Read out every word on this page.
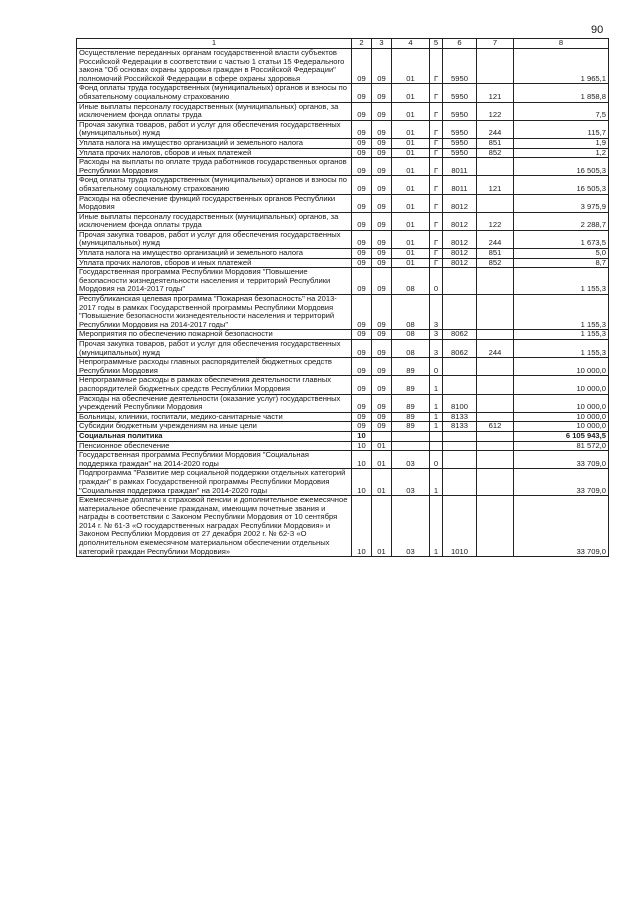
90
1	2	3	4	5	6	7	8
Осуществление переданных органам государственной власти субъектов Российской Федерации в соответствии с частью 1 статьи 15 Федерального закона "Об основах охраны здоровья граждан в Российской Федерации" полномочий Российской Федерации в сфере охраны здоровья	09	09	01	Г	5950		1 965,1
Фонд оплаты труда государственных (муниципальных) органов и взносы по обязательному социальному страхованию	09	09	01	Г	5950	121	1 858,8
Иные выплаты персоналу государственных (муниципальных) органов, за исключением фонда оплаты труда	09	09	01	Г	5950	122	7,5
Прочая закупка товаров, работ и услуг для обеспечения государственных (муниципальных) нужд	09	09	01	Г	5950	244	115,7
Уплата налога на имущество организаций и земельного налога	09	09	01	Г	5950	851	1,9
Уплата прочих налогов, сборов и иных платежей	09	09	01	Г	5950	852	1,2
Расходы на выплаты по оплате труда работников государственных органов Республики Мордовия	09	09	01	Г	8011		16 505,3
Фонд оплаты труда государственных (муниципальных) органов и взносы по обязательному социальному страхованию	09	09	01	Г	8011	121	16 505,3
Расходы на обеспечение функций государственных органов Республики Мордовия	09	09	01	Г	8012		3 975,9
Иные выплаты персоналу государственных (муниципальных) органов, за исключением фонда оплаты труда	09	09	01	Г	8012	122	2 288,7
Прочая закупка товаров, работ и услуг для обеспечения государственных (муниципальных) нужд	09	09	01	Г	8012	244	1 673,5
Уплата налога на имущество организаций и земельного налога	09	09	01	Г	8012	851	5,0
Уплата прочих налогов, сборов и иных платежей	09	09	01	Г	8012	852	8,7
Государственная программа Республики Мордовия "Повышение безопасности жизнедеятельности населения и территорий Республики Мордовия на 2014-2017 годы"	09	09	08	0			1 155,3
Республиканская целевая программа "Пожарная безопасность" на 2013-2017 годы в рамках Государственной программы Республики Мордовия "Повышение безопасности жизнедеятельности населения и территорий Республики Мордовия на 2014-2017 годы"	09	09	08	3			1 155,3
Мероприятия по обеспечению пожарной безопасности	09	09	08	3	8062		1 155,3
Прочая закупка товаров, работ и услуг для обеспечения государственных (муниципальных) нужд	09	09	08	3	8062	244	1 155,3
Непрограммные расходы главных распорядителей бюджетных средств Республики Мордовия	09	09	89	0			10 000,0
Непрограммные расходы в рамках обеспечения деятельности главных распорядителей бюджетных средств Республики Мордовия	09	09	89	1			10 000,0
Расходы на обеспечение деятельности (оказание услуг) государственных учреждений Республики Мордовия	09	09	89	1	8100		10 000,0
Больницы, клиники, госпитали, медико-санитарные части	09	09	89	1	8133		10 000,0
Субсидии бюджетным учреждениям на иные цели	09	09	89	1	8133	612	10 000,0
Социальная политика	10						6 105 943,5
Пенсионное обеспечение	10	01					81 572,0
Государственная программа Республики Мордовия "Социальная поддержка граждан" на 2014-2020 годы	10	01	03	0			33 709,0
Подпрограмма "Развитие мер социальной поддержки отдельных категорий граждан" в рамках Государственной программы Республики Мордовия "Социальная поддержка граждан" на 2014-2020 годы	10	01	03	1			33 709,0
Ежемесячные доплаты к страховой пенсии и дополнительное ежемесячное материальное обеспечение гражданам, имеющим почетные звания и награды в соответствии с Законом Республики Мордовия от 10 сентября 2014 г. № 61-З «О государственных наградах Республики Мордовия» и Законом Республики Мордовия от 27 декабря 2002 г. № 62-З «О дополнительном ежемесячном материальном обеспечении отдельных категорий граждан Республики Мордовия»	10	01	03	1	1010		33 709,0
